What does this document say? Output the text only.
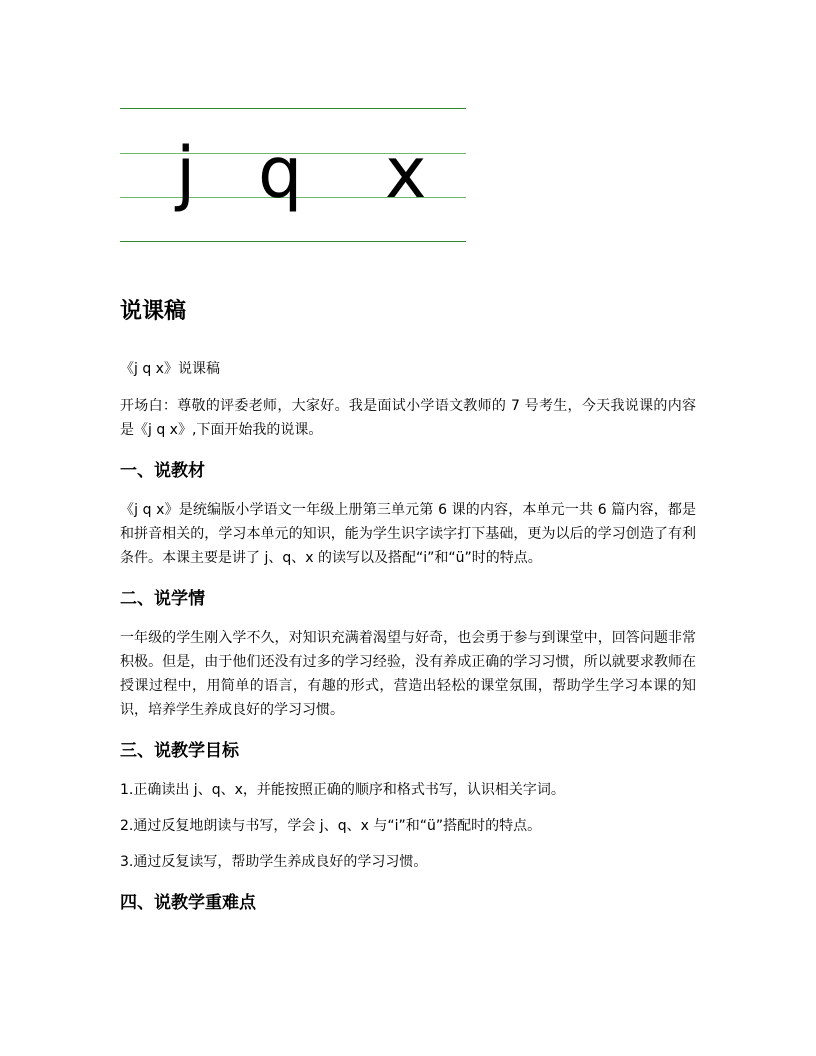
j q x
说课稿

《j q x》说课稿

开场白：尊敬的评委老师，大家好。我是面试小学语文教师的 7 号考生，今天我说课的内容是《j q x》,下面开始我的说课。

一、说教材

《j q x》是统编版小学语文一年级上册第三单元第 6 课的内容，本单元一共 6 篇内容，都是和拼音相关的，学习本单元的知识，能为学生识字读字打下基础，更为以后的学习创造了有利条件。本课主要是讲了 j、q、x 的读写以及搭配“i”和“ü”时的特点。

二、说学情

一年级的学生刚入学不久，对知识充满着渴望与好奇，也会勇于参与到课堂中，回答问题非常积极。但是，由于他们还没有过多的学习经验，没有养成正确的学习习惯，所以就要求教师在授课过程中，用简单的语言，有趣的形式，营造出轻松的课堂氛围，帮助学生学习本课的知识，培养学生养成良好的学习习惯。

三、说教学目标

1.正确读出 j、q、x，并能按照正确的顺序和格式书写，认识相关字词。

2.通过反复地朗读与书写，学会 j、q、x 与“i”和“ü”搭配时的特点。

3.通过反复读写，帮助学生养成良好的学习习惯。

四、说教学重难点
